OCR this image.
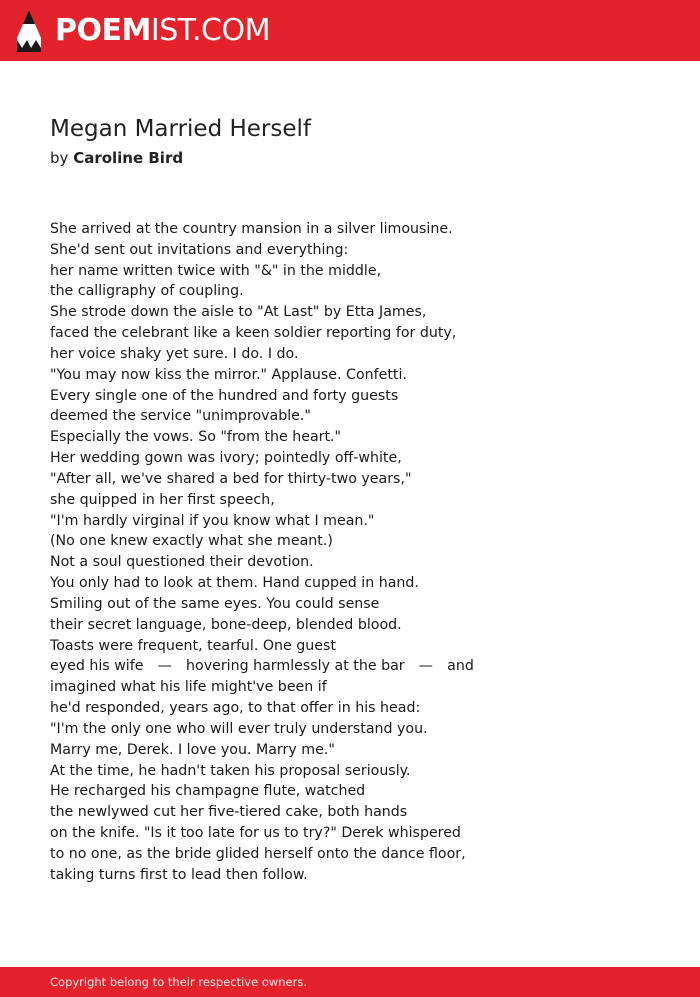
POEMIST.COM
Megan Married Herself
by Caroline Bird
She arrived at the country mansion in a silver limousine.
She'd sent out invitations and everything:
her name written twice with "&" in the middle,
the calligraphy of coupling.
She strode down the aisle to "At Last" by Etta James,
faced the celebrant like a keen soldier reporting for duty,
her voice shaky yet sure. I do. I do.
"You may now kiss the mirror." Applause. Confetti.
Every single one of the hundred and forty guests
deemed the service "unimprovable."
Especially the vows. So "from the heart."
Her wedding gown was ivory; pointedly off-white,
"After all, we've shared a bed for thirty-two years,"
she quipped in her first speech,
"I'm hardly virginal if you know what I mean."
(No one knew exactly what she meant.)
Not a soul questioned their devotion.
You only had to look at them. Hand cupped in hand.
Smiling out of the same eyes. You could sense
their secret language, bone-deep, blended blood.
Toasts were frequent, tearful. One guest
eyed his wife — hovering harmlessly at the bar — and
imagined what his life might've been if
he'd responded, years ago, to that offer in his head:
"I'm the only one who will ever truly understand you.
Marry me, Derek. I love you. Marry me."
At the time, he hadn't taken his proposal seriously.
He recharged his champagne flute, watched
the newlywed cut her five-tiered cake, both hands
on the knife. "Is it too late for us to try?" Derek whispered
to no one, as the bride glided herself onto the dance floor,
taking turns first to lead then follow.
Copyright belong to their respective owners.
